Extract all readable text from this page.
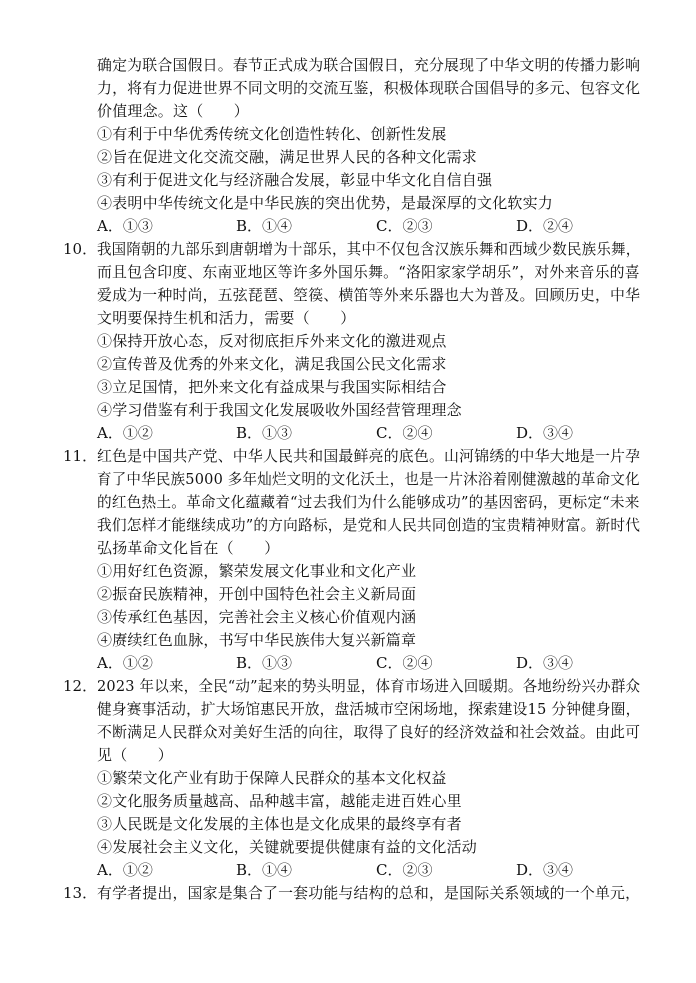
确定为联合国假日。春节正式成为联合国假日，充分展现了中华文明的传播力影响
力，将有力促进世界不同文明的交流互鉴，积极体现联合国倡导的多元、包容文化
价值理念。这（　　）
①有利于中华优秀传统文化创造性转化、创新性发展
②旨在促进文化交流交融，满足世界人民的各种文化需求
③有利于促进文化与经济融合发展，彰显中华文化自信自强
④表明中华传统文化是中华民族的突出优势，是最深厚的文化软实力
A．①③	B．①④	C．②③	D．②④
10． 我国隋朝的九部乐到唐朝增为十部乐，其中不仅包含汉族乐舞和西域少数民族乐舞，
而且包含印度、东南亚地区等许多外国乐舞。“洛阳家家学胡乐”，对外来音乐的喜
爱成为一种时尚，五弦琵琶、箜篌、横笛等外来乐器也大为普及。回顾历史，中华
文明要保持生机和活力，需要（　　）
①保持开放心态，反对彻底拒斥外来文化的激进观点
②宣传普及优秀的外来文化，满足我国公民文化需求
③立足国情，把外来文化有益成果与我国实际相结合
④学习借鉴有利于我国文化发展吸收外国经营管理理念
A．①②	B．①③	C．②④	D．③④
11． 红色是中国共产党、中华人民共和国最鲜亮的底色。山河锦绣的中华大地是一片孕
育了中华民族5000 多年灿烂文明的文化沃土，也是一片沐浴着刚健激越的革命文化
的红色热土。革命文化蕴藏着“过去我们为什么能够成功”的基因密码，更标定“未来
我们怎样才能继续成功”的方向路标，是党和人民共同创造的宝贵精神财富。新时代
弘扬革命文化旨在（　　）
①用好红色资源，繁荣发展文化事业和文化产业
②振奋民族精神，开创中国特色社会主义新局面
③传承红色基因，完善社会主义核心价值观内涵
④赓续红色血脉，书写中华民族伟大复兴新篇章
A．①②	B．①③	C．②④	D．③④
12． 2023 年以来，全民“动”起来的势头明显，体育市场进入回暖期。各地纷纷兴办群众
健身赛事活动，扩大场馆惠民开放，盘活城市空闲场地，探索建设15 分钟健身圈，
不断满足人民群众对美好生活的向往，取得了良好的经济效益和社会效益。由此可
见（　　）
①繁荣文化产业有助于保障人民群众的基本文化权益
②文化服务质量越高、品种越丰富，越能走进百姓心里
③人民既是文化发展的主体也是文化成果的最终享有者
④发展社会主义文化，关键就要提供健康有益的文化活动
A．①②	B．①④	C．②③	D．③④
13． 有学者提出，国家是集合了一套功能与结构的总和，是国际关系领域的一个单元，
